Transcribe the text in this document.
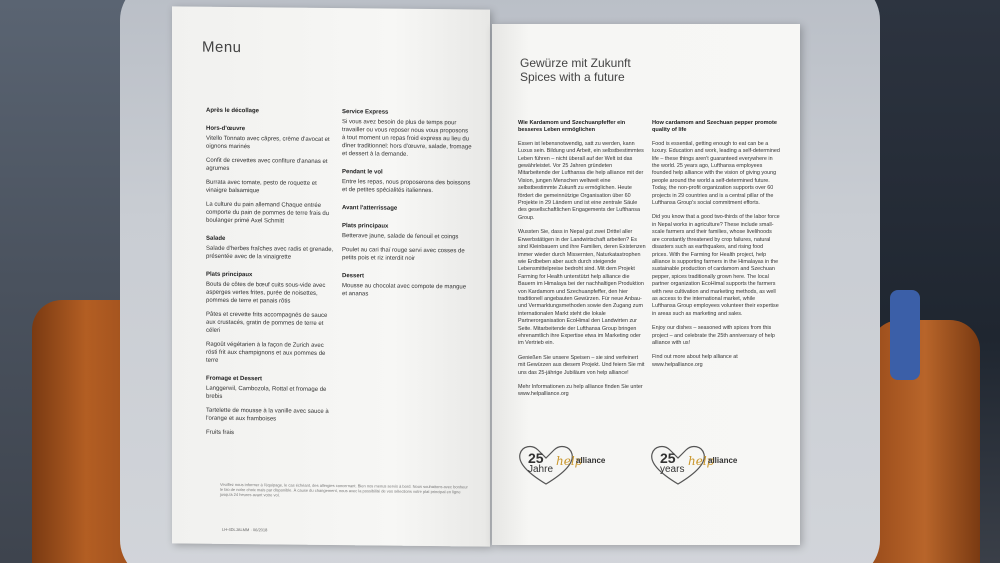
Menu
Après le décollage
Hors-d'œuvre

Vitello Tonnato avec câpres, crème d'avocat et oignons marinés

Confit de crevettes avec confiture d'ananas et agrumes

Burrata avec tomate, pesto de roquette et vinaigre balsamique

La culture du pain allemand Chaque entrée comporte du pain de pommes de terre frais du boulanger primé Axel Schmitt

Salade

Salade d'herbes fraîches avec radis et grenade, présentée avec de la vinaigrette

Plats principaux

Bouts de côtes de bœuf cuits sous-vide avec asperges vertes frites, purée de noisettes, pommes de terre et panais rôtis

Pâtes et crevette frits accompagnés de sauce aux crustacés, gratin de pommes de terre et céleri

Ragoût végétarien à la façon de Zurich avec rösti frit aux champignons et aux pommes de terre

Fromage et Dessert

Langgerwil, Cambozola, Rottal et fromage de brebis

Tartelette de mousse à la vanille avec sauce à l'orange et aux framboises

Fruits frais

Service Express

Si vous avez besoin de plus de temps pour travailler ou vous reposer nous vous proposons à tout moment un repas froid express au lieu du dîner traditionnel: hors d'œuvre, salade, fromage et dessert à la demande.

Pendant le vol

Entre les repas, nous proposerons des boissons et de petites spécialités italiennes.

Avant l'atterrissage
Plats principaux

Betterave jaune, salade de fenouil et coings

Poulet au cari thaï rouge servi avec cosses de petits pois et riz interdit noir

Dessert

Mousse au chocolat avec compote de mangue et ananas

Veuillez nous informer à l'équipage, le cas échéant, des allergies concernant. Bien nos menus servis à bord. Nous souhaitons avec bonheur le bio de notre choix mais par disponible. À cause du changement, nous avec la possibilité de vos sélections votre plat principal en ligne jusqu'à 24 heures avant votre vol.
LH-4DLJALMM · 06/2018
Gewürze mit Zukunft
Spices with a future
Wie Kardamom und Szechuanpfeffer ein besseres Leben ermöglichen

Essen ist lebensnotwendig, satt zu werden, kann Luxus sein. Bildung und Arbeit, ein selbstbestimmtes Leben führen – nicht überall auf der Welt ist das gewährleistet. Vor 25 Jahren gründeten Mitarbeitende der Lufthansa die help alliance mit der Vision, jungen Menschen weltweit eine selbstbestimmte Zukunft zu ermöglichen. Heute fördert die gemeinnützige Organisation über 60 Projekte in 29 Ländern und ist eine zentrale Säule des gesellschaftlichen Engagements der Lufthansa Group.

Wussten Sie, dass in Nepal gut zwei Drittel aller Erwerbstätigen in der Landwirtschaft arbeiten? Es sind Kleinbauern und ihre Familien, deren Existenzen immer wieder durch Missernten, Naturkatastrophen wie Erdbeben aber auch durch steigende Lebensmittelpreise bedroht sind. Mit dem Projekt Farming for Health unterstützt help alliance die Bauern im Himalaya bei der nachhaltigen Produktion von Kardamom und Szechuanpfeffer, den hier traditionell angebauten Gewürzen. Für neue Anbau- und Vermarktungsmethoden sowie den Zugang zum internationalen Markt steht die lokale Partnerorganisation EcoHimal den Landwirten zur Seite. Mitarbeitende der Lufthansa Group bringen ehrenamtlich ihre Expertise etwa im Marketing oder im Vertrieb ein.

Genießen Sie unsere Speisen – sie sind verfeinert mit Gewürzen aus diesem Projekt. Und feiern Sie mit uns das 25-jährige Jubiläum von help alliance!

Mehr Informationen zu help alliance finden Sie unter www.helpalliance.org

How cardamom and Szechuan pepper promote quality of life

Food is essential, getting enough to eat can be a luxury. Education and work, leading a self-determined life – these things aren't guaranteed everywhere in the world. 25 years ago, Lufthansa employees founded help alliance with the vision of giving young people around the world a self-determined future. Today, the non-profit organization supports over 60 projects in 29 countries and is a central pillar of the Lufthansa Group's social commitment efforts.

Did you know that a good two-thirds of the labor force in Nepal works in agriculture? These include small-scale farmers and their families, whose livelihoods are constantly threatened by crop failures, natural disasters such as earthquakes, and rising food prices. With the Farming for Health project, help alliance is supporting farmers in the Himalayas in the sustainable production of cardamom and Szechuan pepper, spices traditionally grown here. The local partner organization EcoHimal supports the farmers with new cultivation and marketing methods, as well as access to the international market, while Lufthansa Group employees volunteer their expertise in areas such as marketing and sales.

Enjoy our dishes – seasoned with spices from this project – and celebrate the 25th anniversary of help alliance with us!

Find out more about help alliance at www.helpalliance.org

25
Jahre
help
alliance	25
years
help
alliance
